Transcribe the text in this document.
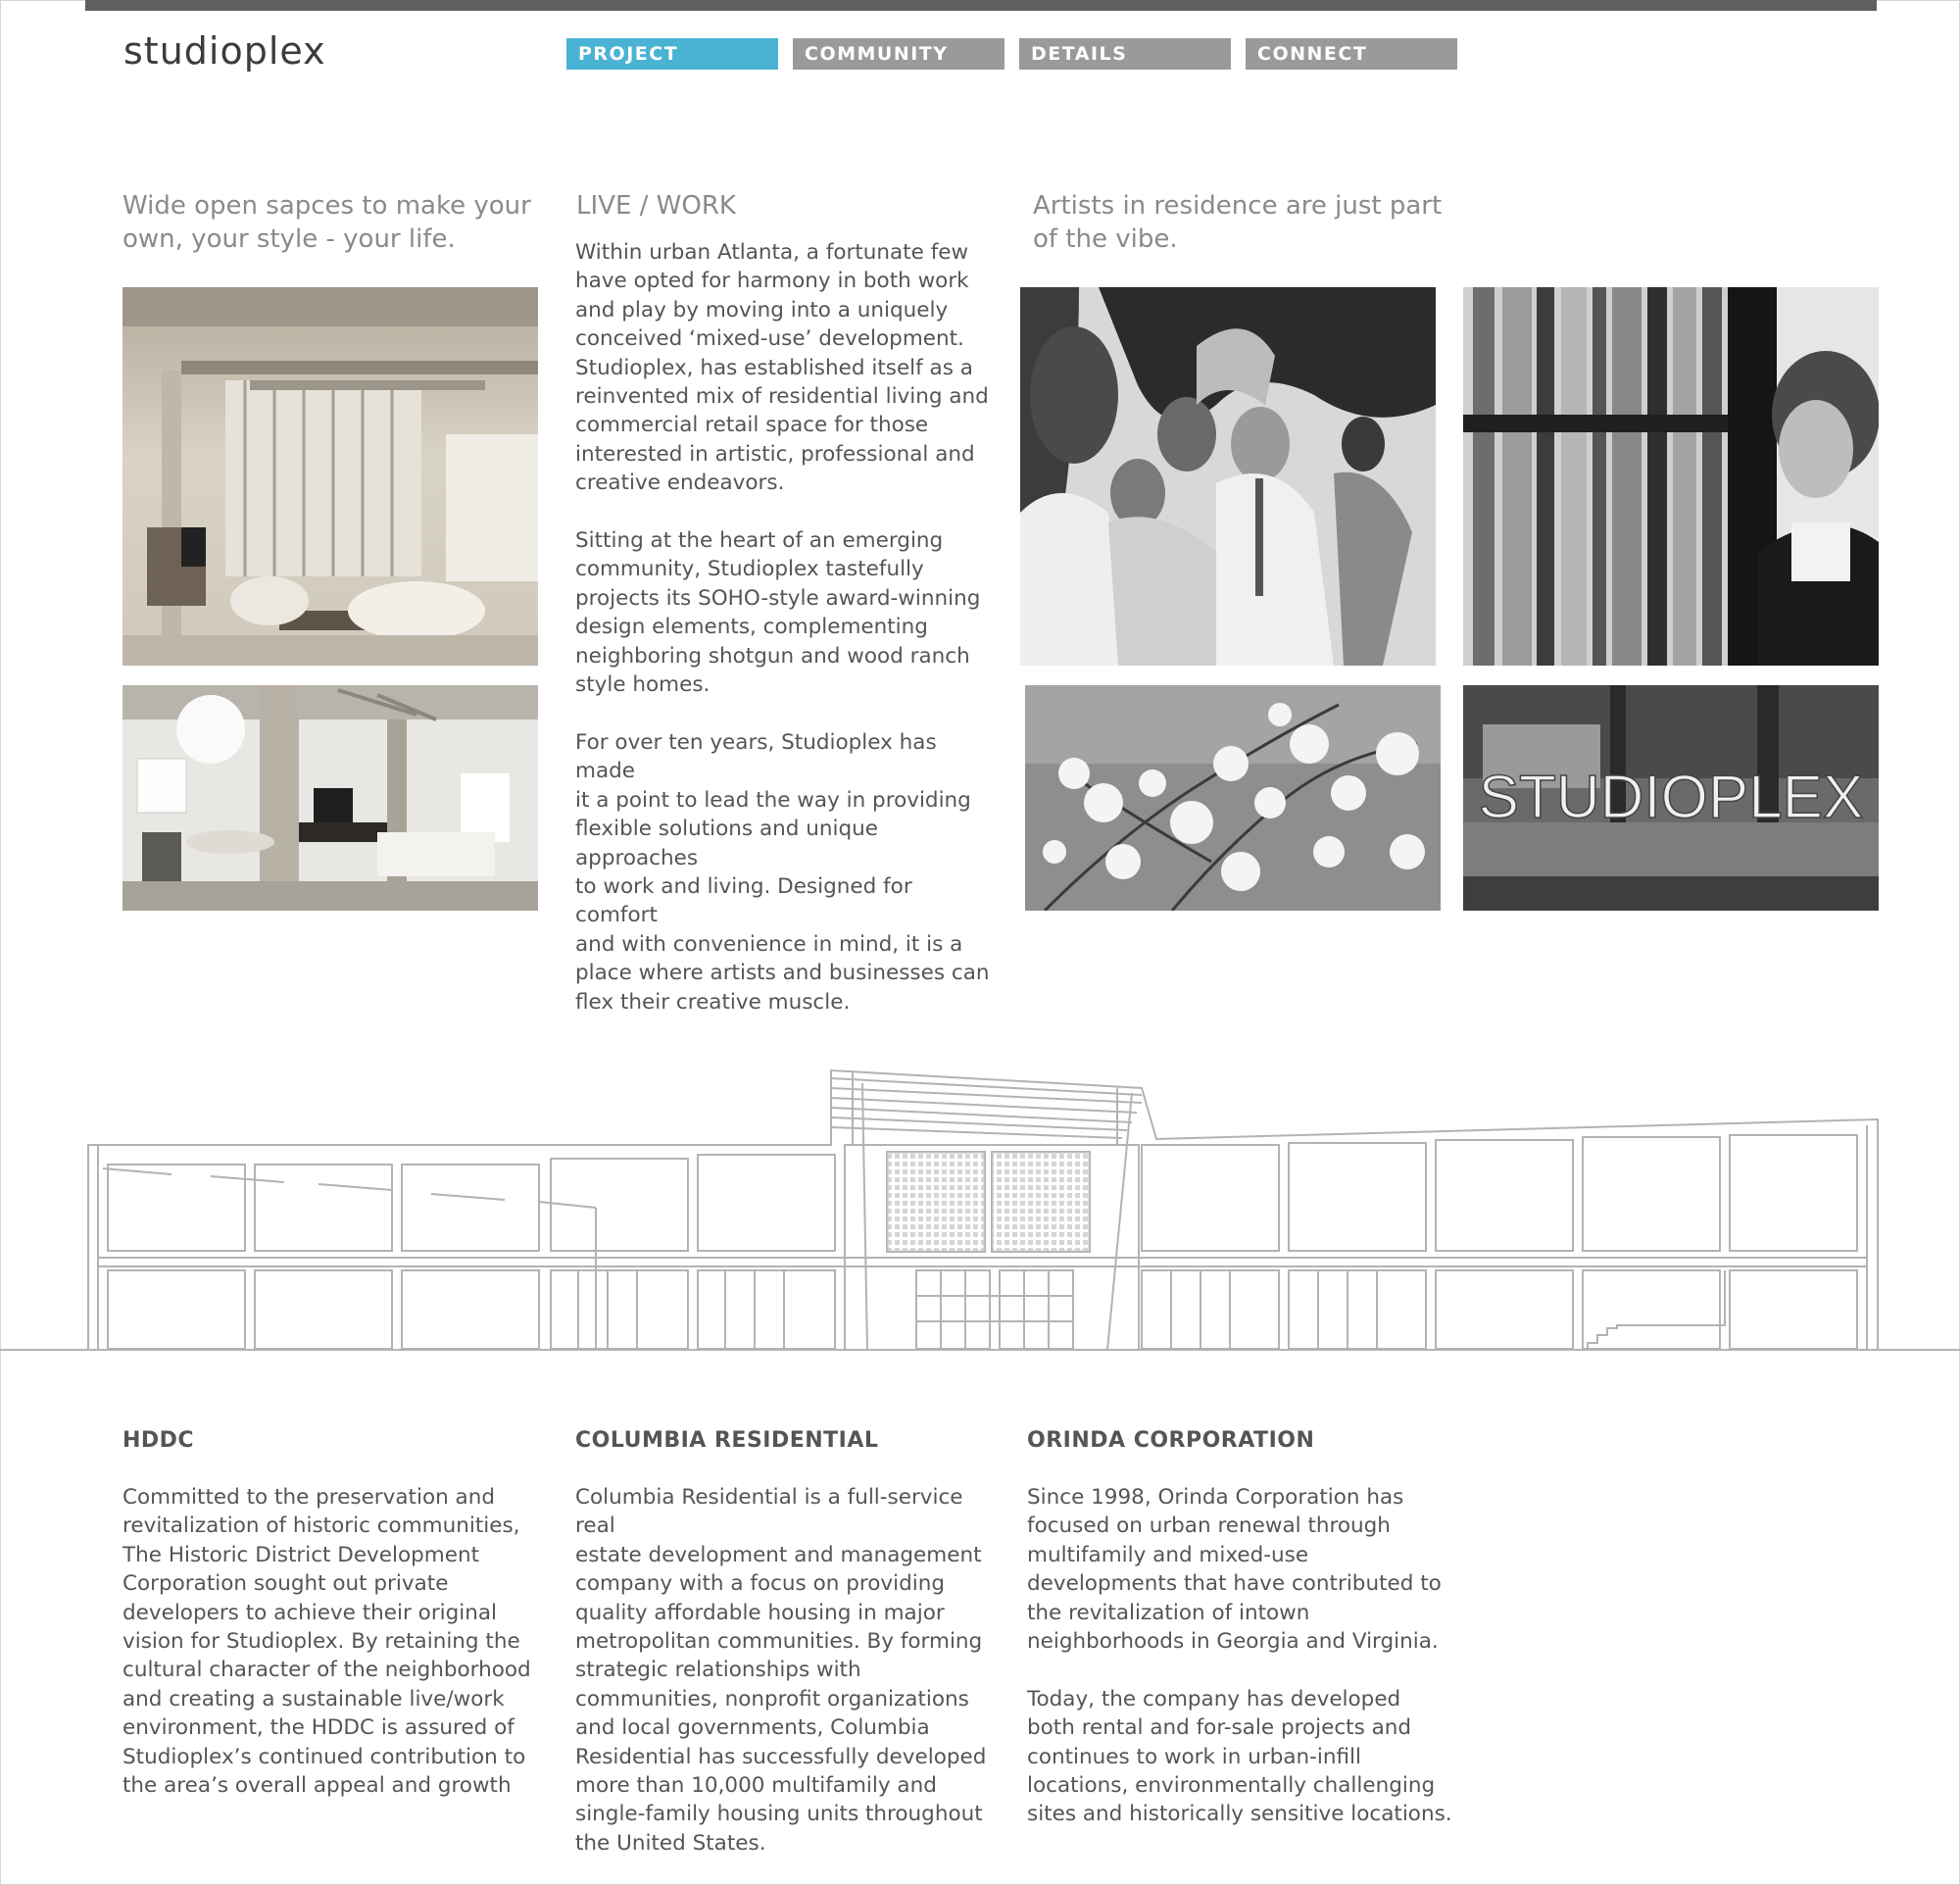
studioplex	PROJECT	COMMUNITY	DETAILS	CONNECT
Wide open sapces to make your own, your style - your life.
LIVE / WORK
Within urban Atlanta, a fortunate few
have opted for harmony in both work
and play by moving into a uniquely
conceived ‘mixed-use’ development.
Studioplex, has established itself as a
reinvented mix of residential living and
commercial retail space for those
interested in artistic, professional and
creative endeavors.

Sitting at the heart of an emerging
community, Studioplex tastefully
projects its SOHO-style award-winning
design elements, complementing
neighboring shotgun and wood ranch
style homes.

For over ten years, Studioplex has made
it a point to lead the way in providing
flexible solutions and unique approaches
to work and living. Designed for comfort
and with convenience in mind, it is a
place where artists and businesses can
flex their creative muscle.
Artists in residence are just part of the vibe.
STUDIOPLEX
HDDC
Committed to the preservation and
revitalization of historic communities,
The Historic District Development
Corporation sought out private
developers to achieve their original
vision for Studioplex. By retaining the
cultural character of the neighborhood
and creating a sustainable live/work
environment, the HDDC is assured of
Studioplex’s continued contribution to
the area’s overall appeal and growth
COLUMBIA RESIDENTIAL
Columbia Residential is a full-service real
estate development and management
company with a focus on providing
quality affordable housing in major
metropolitan communities. By forming
strategic relationships with
communities, nonprofit organizations
and local governments, Columbia
Residential has successfully developed
more than 10,000 multifamily and
single-family housing units throughout
the United States.
ORINDA CORPORATION
Since 1998, Orinda Corporation has
focused on urban renewal through
multifamily and mixed-use
developments that have contributed to
the revitalization of intown
neighborhoods in Georgia and Virginia.

Today, the company has developed
both rental and for-sale projects and
continues to work in urban-infill
locations, environmentally challenging
sites and historically sensitive locations.
